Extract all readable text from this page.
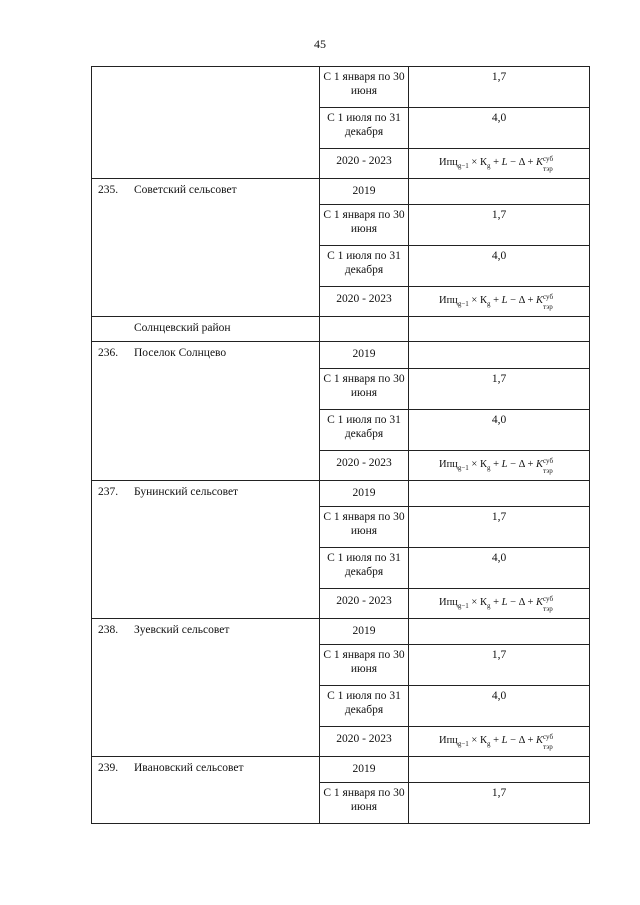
45

	С 1 января по 30 июня	1,7

	С 1 июля по 31 декабря	4,0

	2020 - 2023	$Ипц_{g-1} \times К_g + L - \Delta + K$ суб
тэр

235. Советский сельсовет	2019	

	С 1 января по 30 июня	1,7

	С 1 июля по 31 декабря	4,0

	2020 - 2023	$Ипц_{g-1} \times К_g + L - \Delta + K$ суб
тэр

Солнцевский район		

236. Поселок Солнцево	2019	

	С 1 января по 30 июня	1,7

	С 1 июля по 31 декабря	4,0

	2020 - 2023	$Ипц_{g-1} \times К_g + L - \Delta + K$ суб
тэр

237. Бунинский сельсовет	2019	

	С 1 января по 30 июня	1,7

	С 1 июля по 31 декабря	4,0

	2020 - 2023	$Ипц_{g-1} \times К_g + L - \Delta + K$ суб
тэр

238. Зуевский сельсовет	2019	

	С 1 января по 30 июня	1,7

	С 1 июля по 31 декабря	4,0

	2020 - 2023	$Ипц_{g-1} \times К_g + L - \Delta + K$ суб
тэр

239. Ивановский сельсовет	2019	

	С 1 января по 30 июня	1,7
